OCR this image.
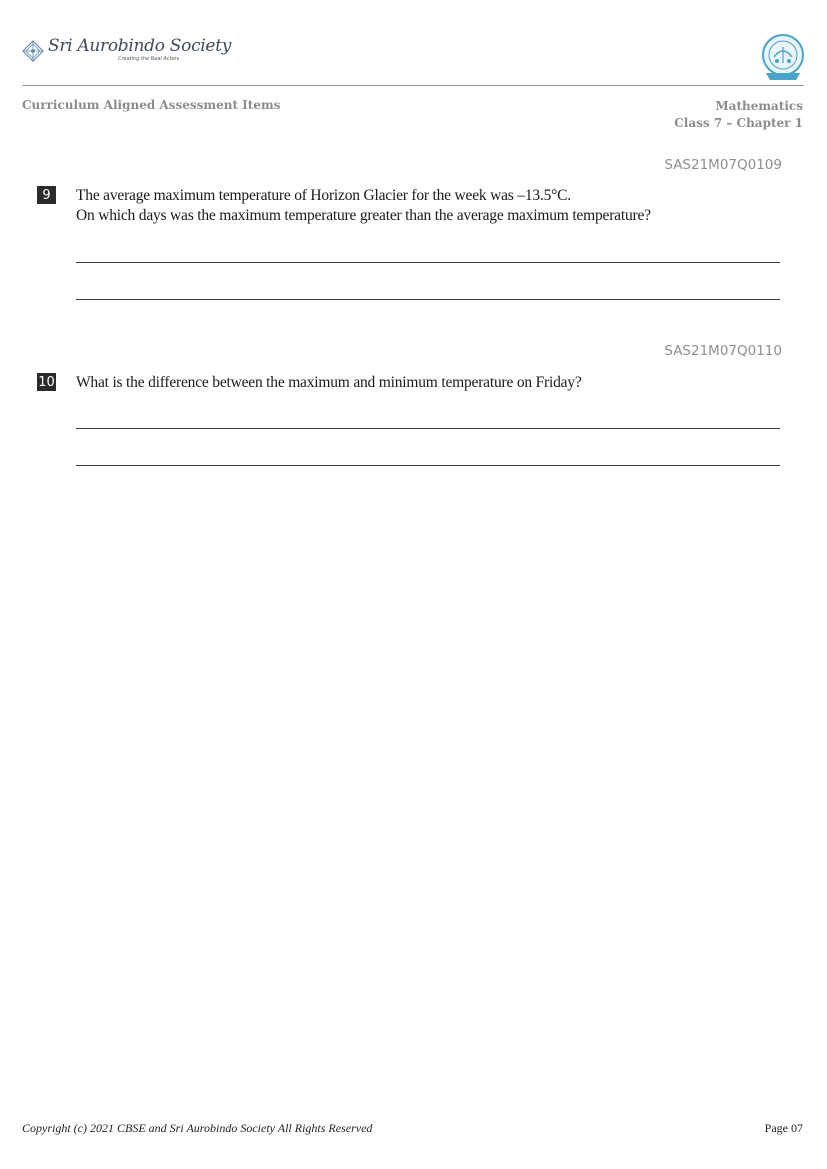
Sri Aurobindo Society
Creating the Real Actors
Curriculum Aligned Assessment Items	Mathematics
Class 7 – Chapter 1
SAS21M07Q0109
9	The average maximum temperature of Horizon Glacier for the week was –13.5°C.
On which days was the maximum temperature greater than the average maximum temperature?
SAS21M07Q0110
10 What is the difference between the maximum and minimum temperature on Friday?
Copyright (c) 2021 CBSE and Sri Aurobindo Society All Rights Reserved	Page 07
